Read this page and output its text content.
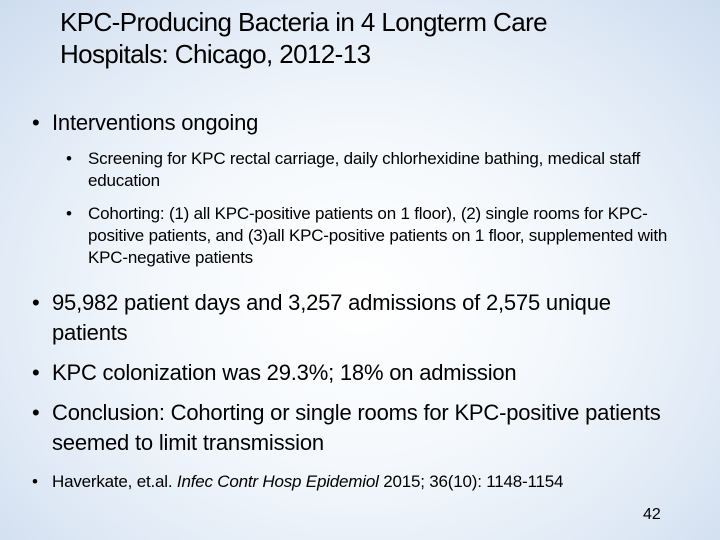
KPC-Producing Bacteria in 4 Longterm Care
Hospitals: Chicago, 2012-13
• Interventions ongoing
• Screening for KPC rectal carriage, daily chlorhexidine bathing, medical staff education
• Cohorting: (1) all KPC-positive patients on 1 floor), (2) single rooms for KPC-positive patients, and (3)all KPC-positive patients on 1 floor, supplemented with KPC-negative patients
• 95,982 patient days and 3,257 admissions of 2,575 unique patients
• KPC colonization was 29.3%; 18% on admission
• Conclusion: Cohorting or single rooms for KPC-positive patients seemed to limit transmission
• Haverkate, et.al. Infec Contr Hosp Epidemiol 2015; 36(10): 1148-1154
42
